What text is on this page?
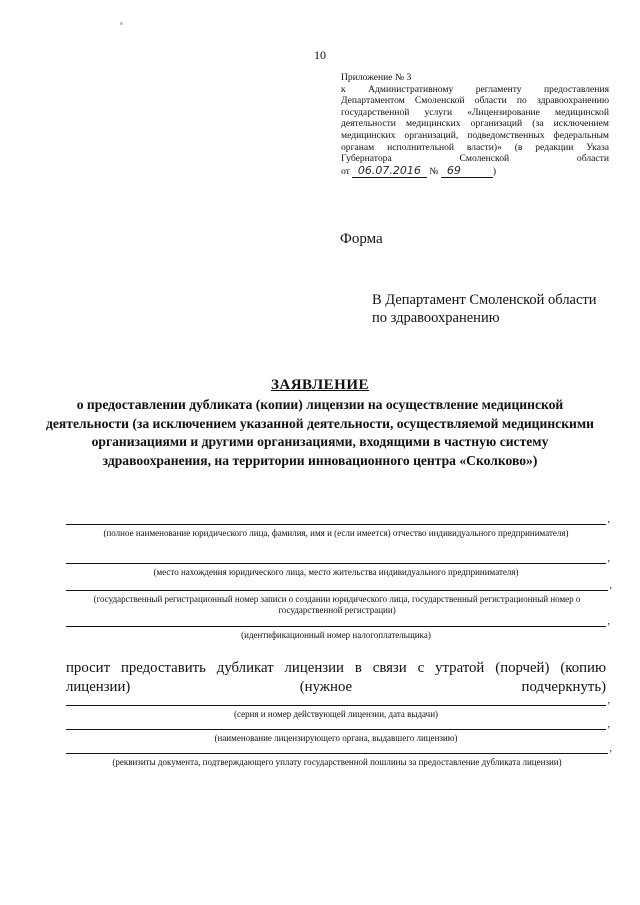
10
Приложение № 3
к Административному регламенту предоставления Департаментом Смоленской области по здравоохранению государственной услуги «Лицензирование медицинской деятельности медицинских организаций (за исключением медицинских организаций, подведомственных федеральным органам исполнительной власти)» (в редакции Указа Губернатора Смоленской области
от 06.07.2016 № 69	)
Форма
В Департамент Смоленской области
по здравоохранению
ЗАЯВЛЕНИЕ
о предоставлении дубликата (копии) лицензии на осуществление медицинской деятельности (за исключением указанной деятельности, осуществляемой медицинскими организациями и другими организациями, входящими в частную систему здравоохранения, на территории инновационного центра «Сколково»)
,
(полное наименование юридического лица, фамилия, имя и (если имеется) отчество индивидуального предпринимателя)
,
(место нахождения юридического лица, место жительства индивидуального предпринимателя)
,
(государственный регистрационный номер записи о создании юридического лица, государственный регистрационный номер о государственной регистрации)
,
(идентификационный номер налогоплательщика)
просит предоставить дубликат лицензии в связи с утратой (порчей) (копию лицензии) (нужное подчеркнуть)
,
(серия и номер действующей лицензии, дата выдачи)
,
(наименование лицензирующего органа, выдавшего лицензию)
,
(реквизиты документа, подтверждающего уплату государственной пошлины за предоставление дубликата лицензии)
